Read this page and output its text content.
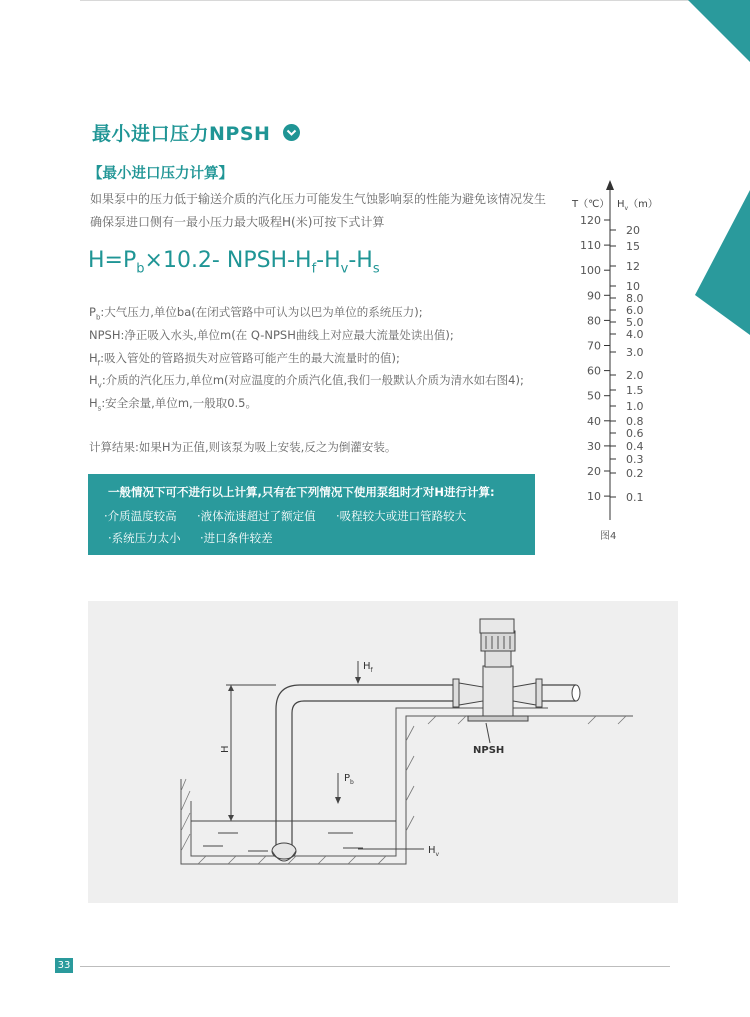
最小进口压力NPSH
【最小进口压力计算】
如果泵中的压力低于输送介质的汽化压力可能发生气蚀影响泵的性能为避免该情况发生
确保泵进口侧有一最小压力最大吸程H(米)可按下式计算
$H=P_b\times 10.2-$ NPSH-$H_f-H_v-H_s$
$P_b$:大气压力,单位ba(在闭式管路中可认为以巴为单位的系统压力);
NPSH:净正吸入水头,单位m(在 Q-NPSH曲线上对应最大流量处读出值);
$H_f$:吸入管处的管路损失对应管路可能产生的最大流量时的值);
$H_v$:介质的汽化压力,单位m(对应温度的介质汽化值,我们一般默认介质为清水如右图4);
$H_s$:安全余量,单位m,一般取0.5。
计算结果:如果H为正值,则该泵为吸上安装,反之为倒灌安装。
一般情况下可不进行以上计算,只有在下列情况下使用泵组时才对H进行计算:
·介质温度较高 ·液体流速超过了额定值 ·吸程较大或进口管路较大
·系统压力太小 ·进口条件较差
T（℃） $H_v(m)$
120
110
100
90
80
70
60
50
40
30
20
10
20
15
12
10
8.0
6.0
5.0
4.0
3.0
2.0
1.5
1.0
0.8
0.6
0.4
0.3
0.2
0.1
图4
H
$H_f$
$P_b$
$H_v$
NPSH
33
